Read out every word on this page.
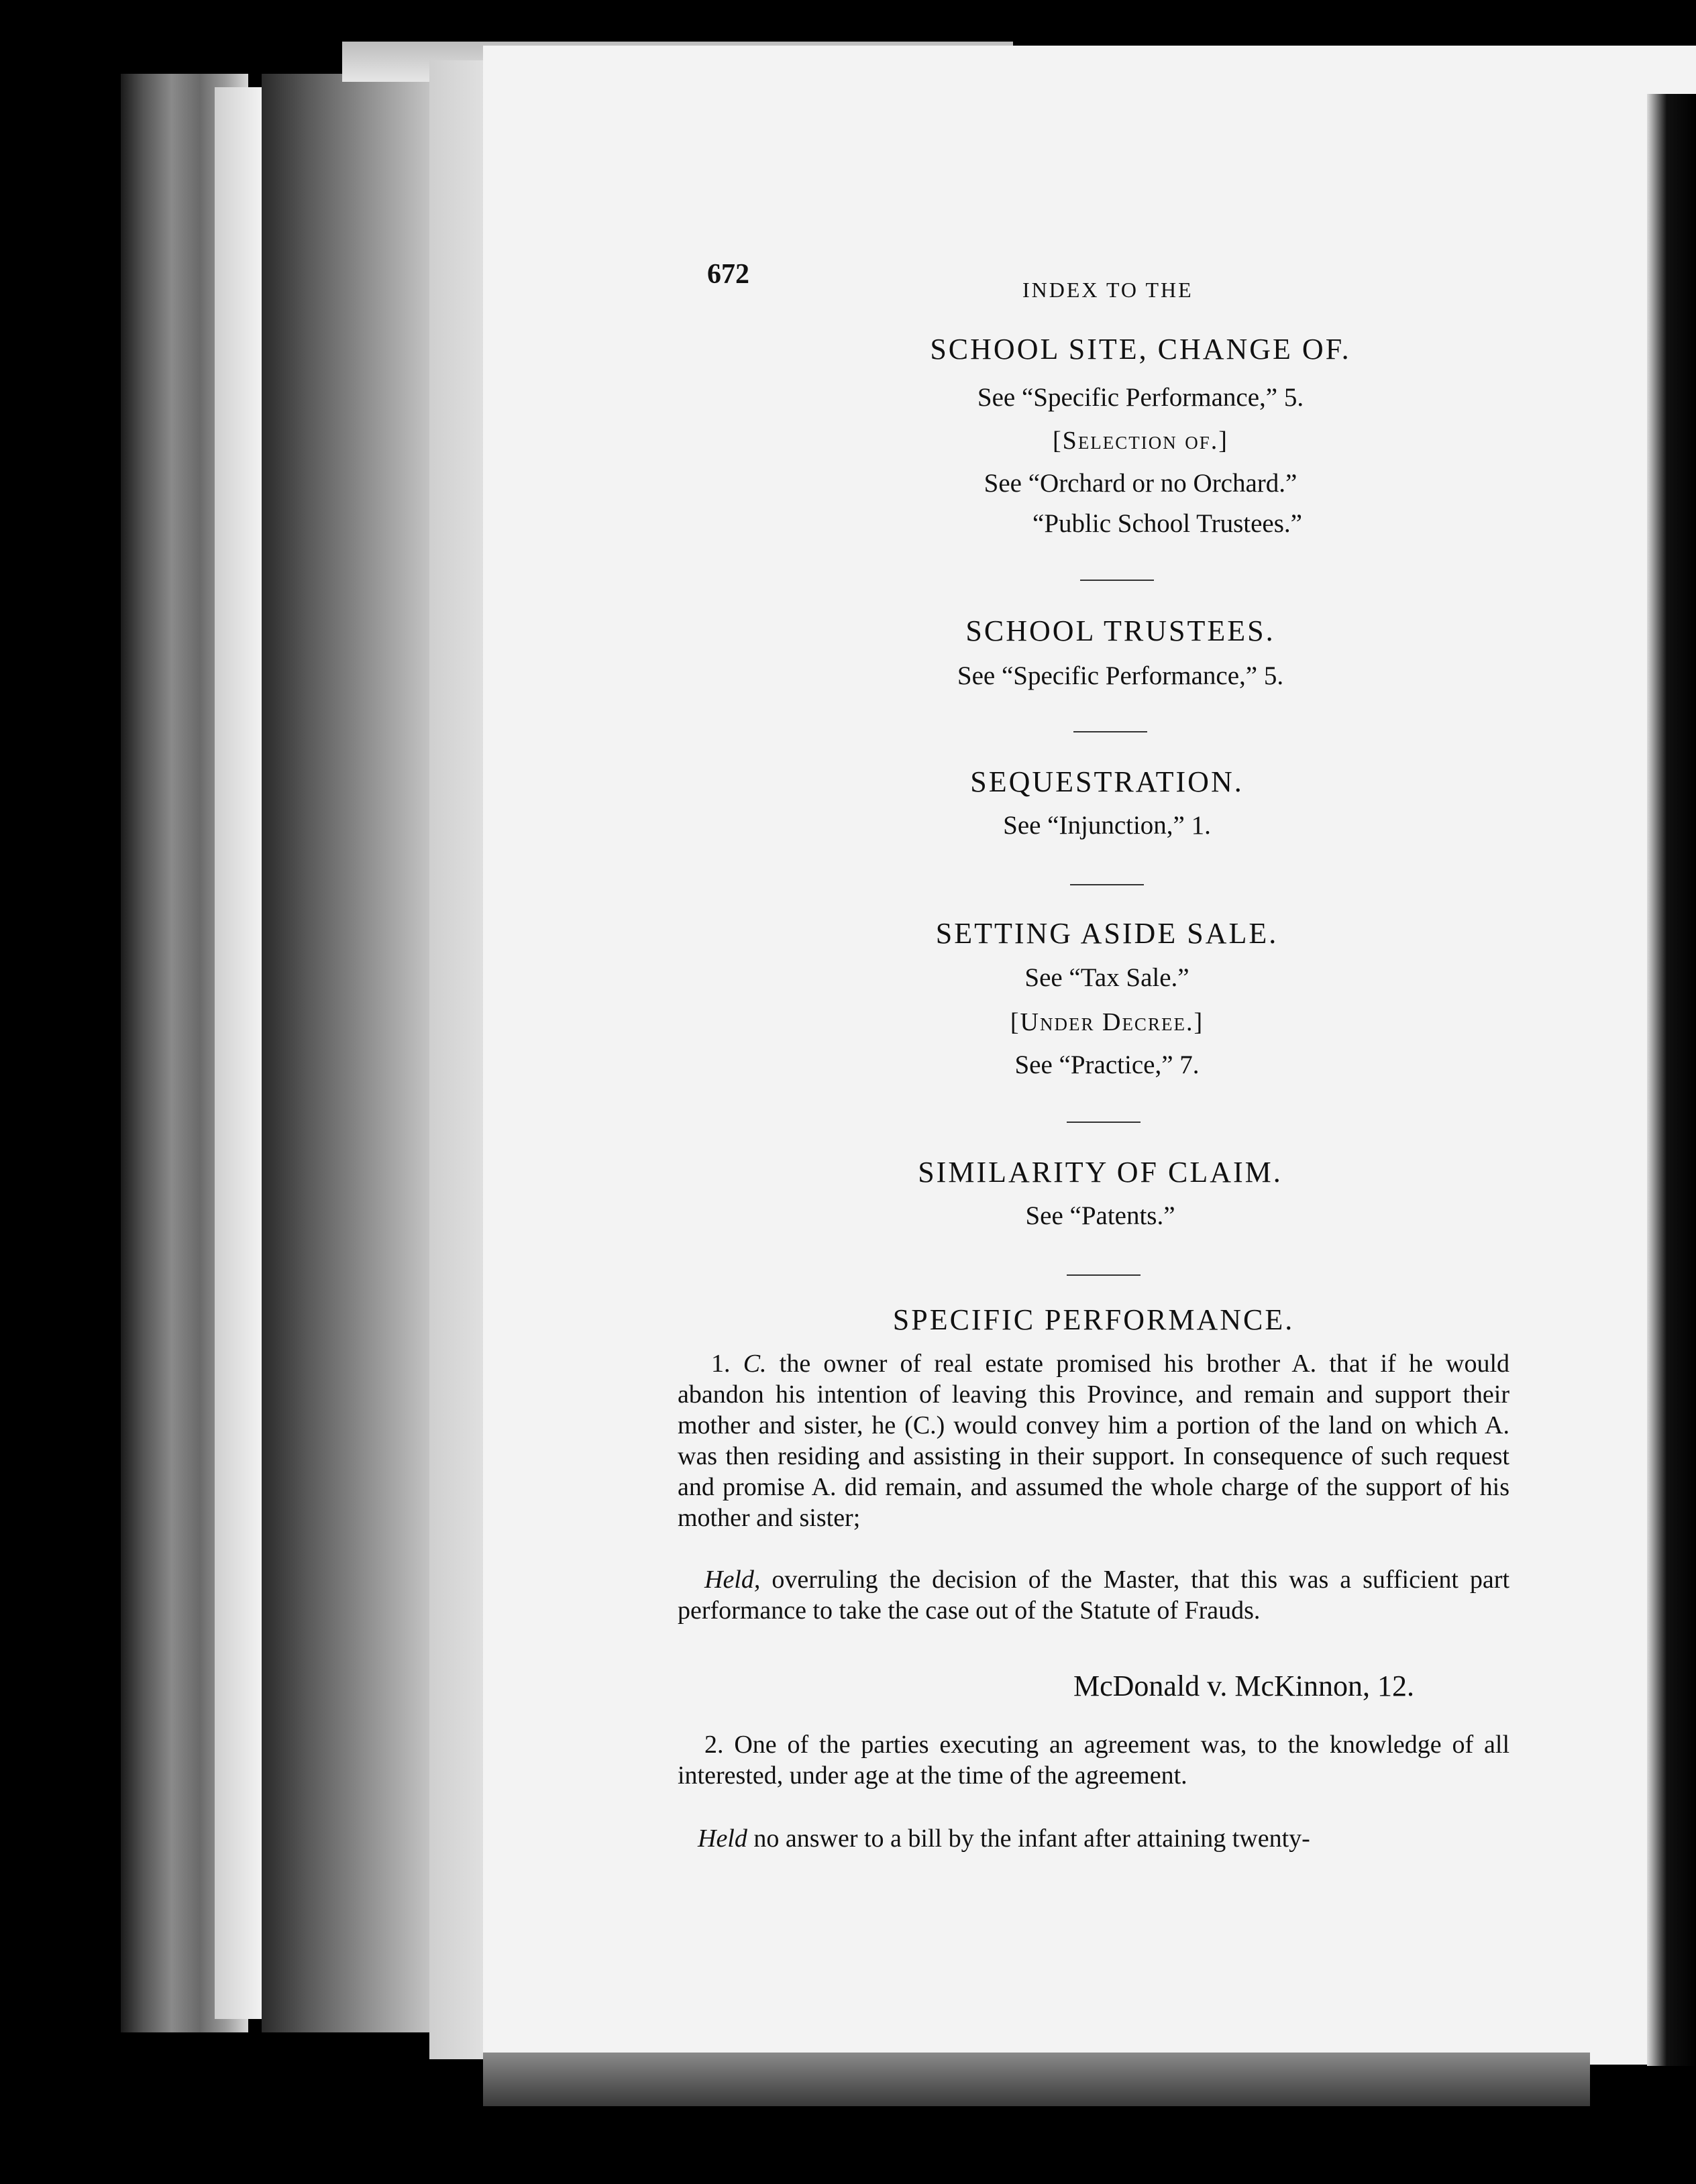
672	INDEX TO THE
SCHOOL SITE, CHANGE OF.
See “Specific Performance,” 5.
[Selection of.]
See “Orchard or no Orchard.”
“Public School Trustees.”
SCHOOL TRUSTEES.
See “Specific Performance,” 5.
SEQUESTRATION.
See “Injunction,” 1.
SETTING ASIDE SALE.
See “Tax Sale.”
[Under Decree.]
See “Practice,” 7.
SIMILARITY OF CLAIM.
See “Patents.”
SPECIFIC PERFORMANCE.

1. C. the owner of real estate promised his brother A. that if he would abandon his intention of leaving this Province, and remain and support their mother and sister, he (C.) would convey him a portion of the land on which A. was then residing and assisting in their support. In consequence of such request and promise A. did remain, and assumed the whole charge of the support of his mother and sister;

Held, overruling the decision of the Master, that this was a sufficient part performance to take the case out of the Statute of Frauds.

McDonald v. McKinnon, 12.

2. One of the parties executing an agreement was, to the knowledge of all interested, under age at the time of the agreement.

Held no answer to a bill by the infant after attaining twenty-
